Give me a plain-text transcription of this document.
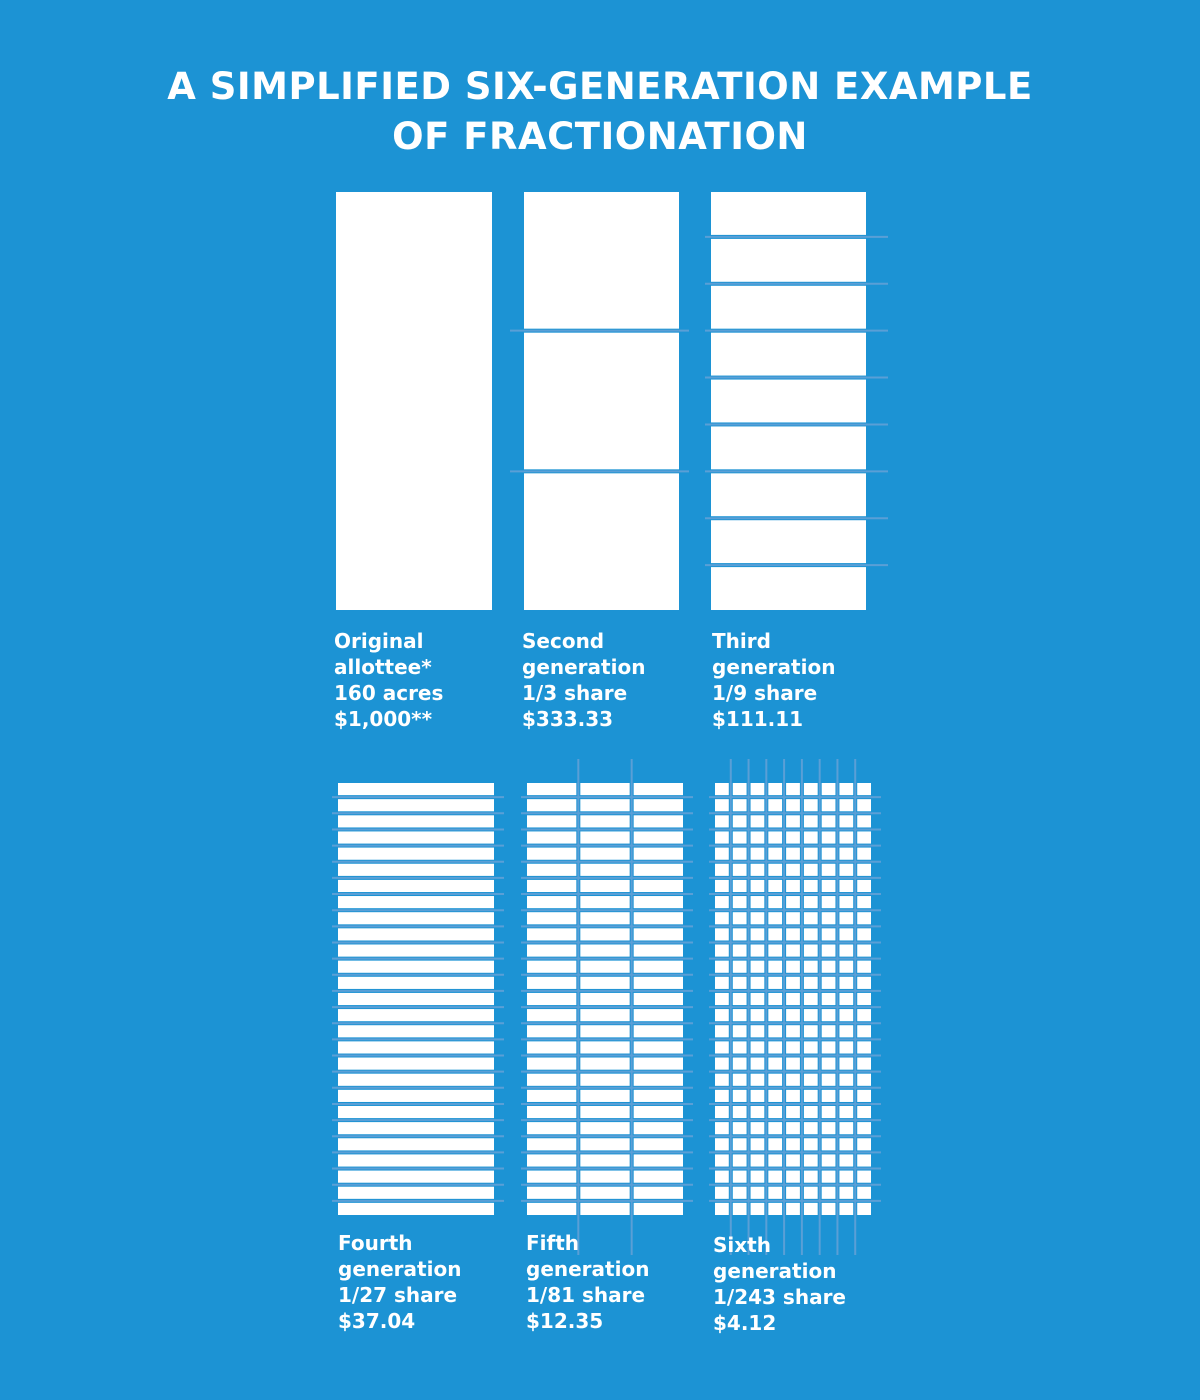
A SIMPLIFIED SIX-GENERATION EXAMPLE
OF FRACTIONATION
Original
allottee*
160 acres
$1,000**
Second
generation
1/3 share
$333.33
Third
generation
1/9 share
$111.11
Fourth
generation
1/27 share
$37.04
Fifth
generation
1/81 share
$12.35
Sixth
generation
1/243 share
$4.12
